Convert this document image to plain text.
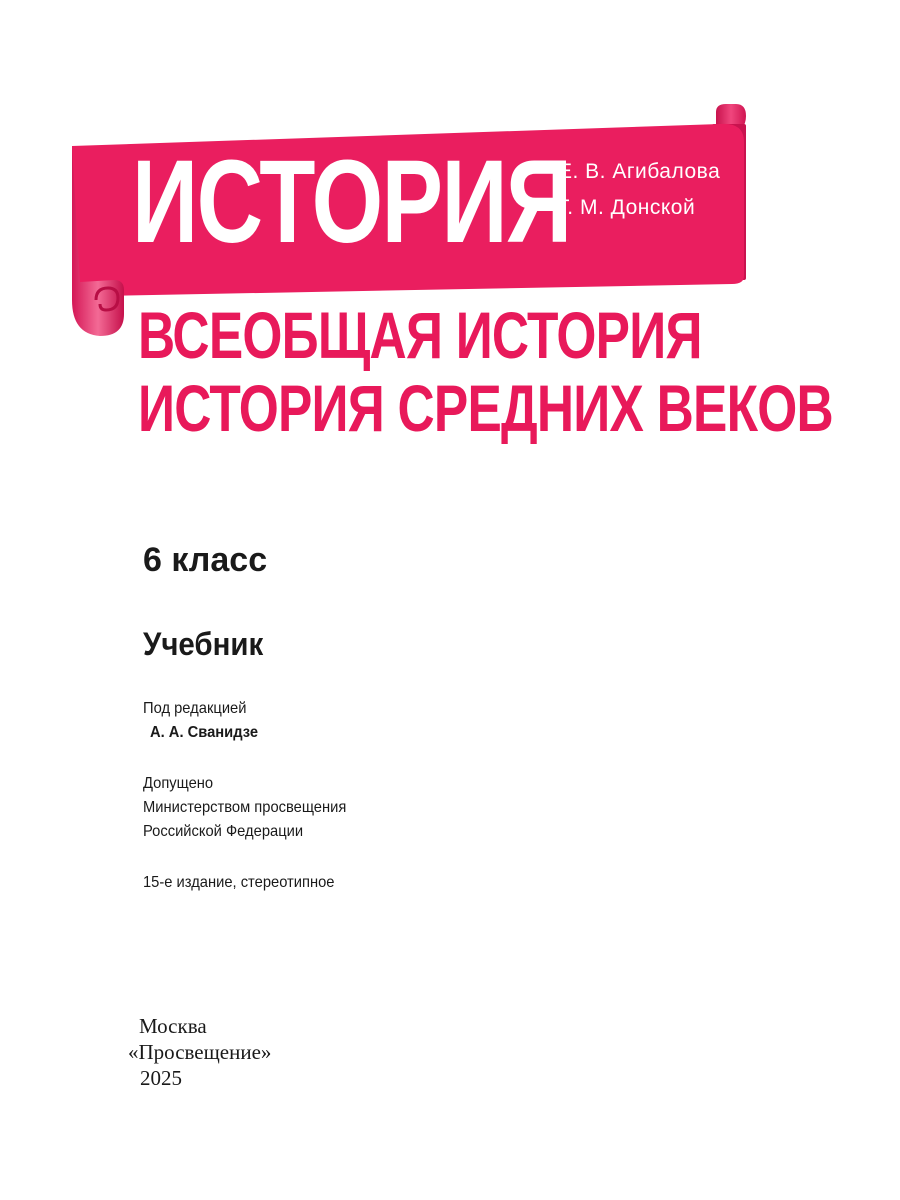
ИСТОРИЯ
Е. В. Агибалова
Г. М. Донской
ВСЕОБЩАЯ ИСТОРИЯ
ИСТОРИЯ СРЕДНИХ ВЕКОВ
6 класс
Учебник
Под редакцией
А. А. Сванидзе
Допущено
Министерством просвещения
Российской Федерации
15-е издание, стереотипное
Москва
«Просвещение»
2025
